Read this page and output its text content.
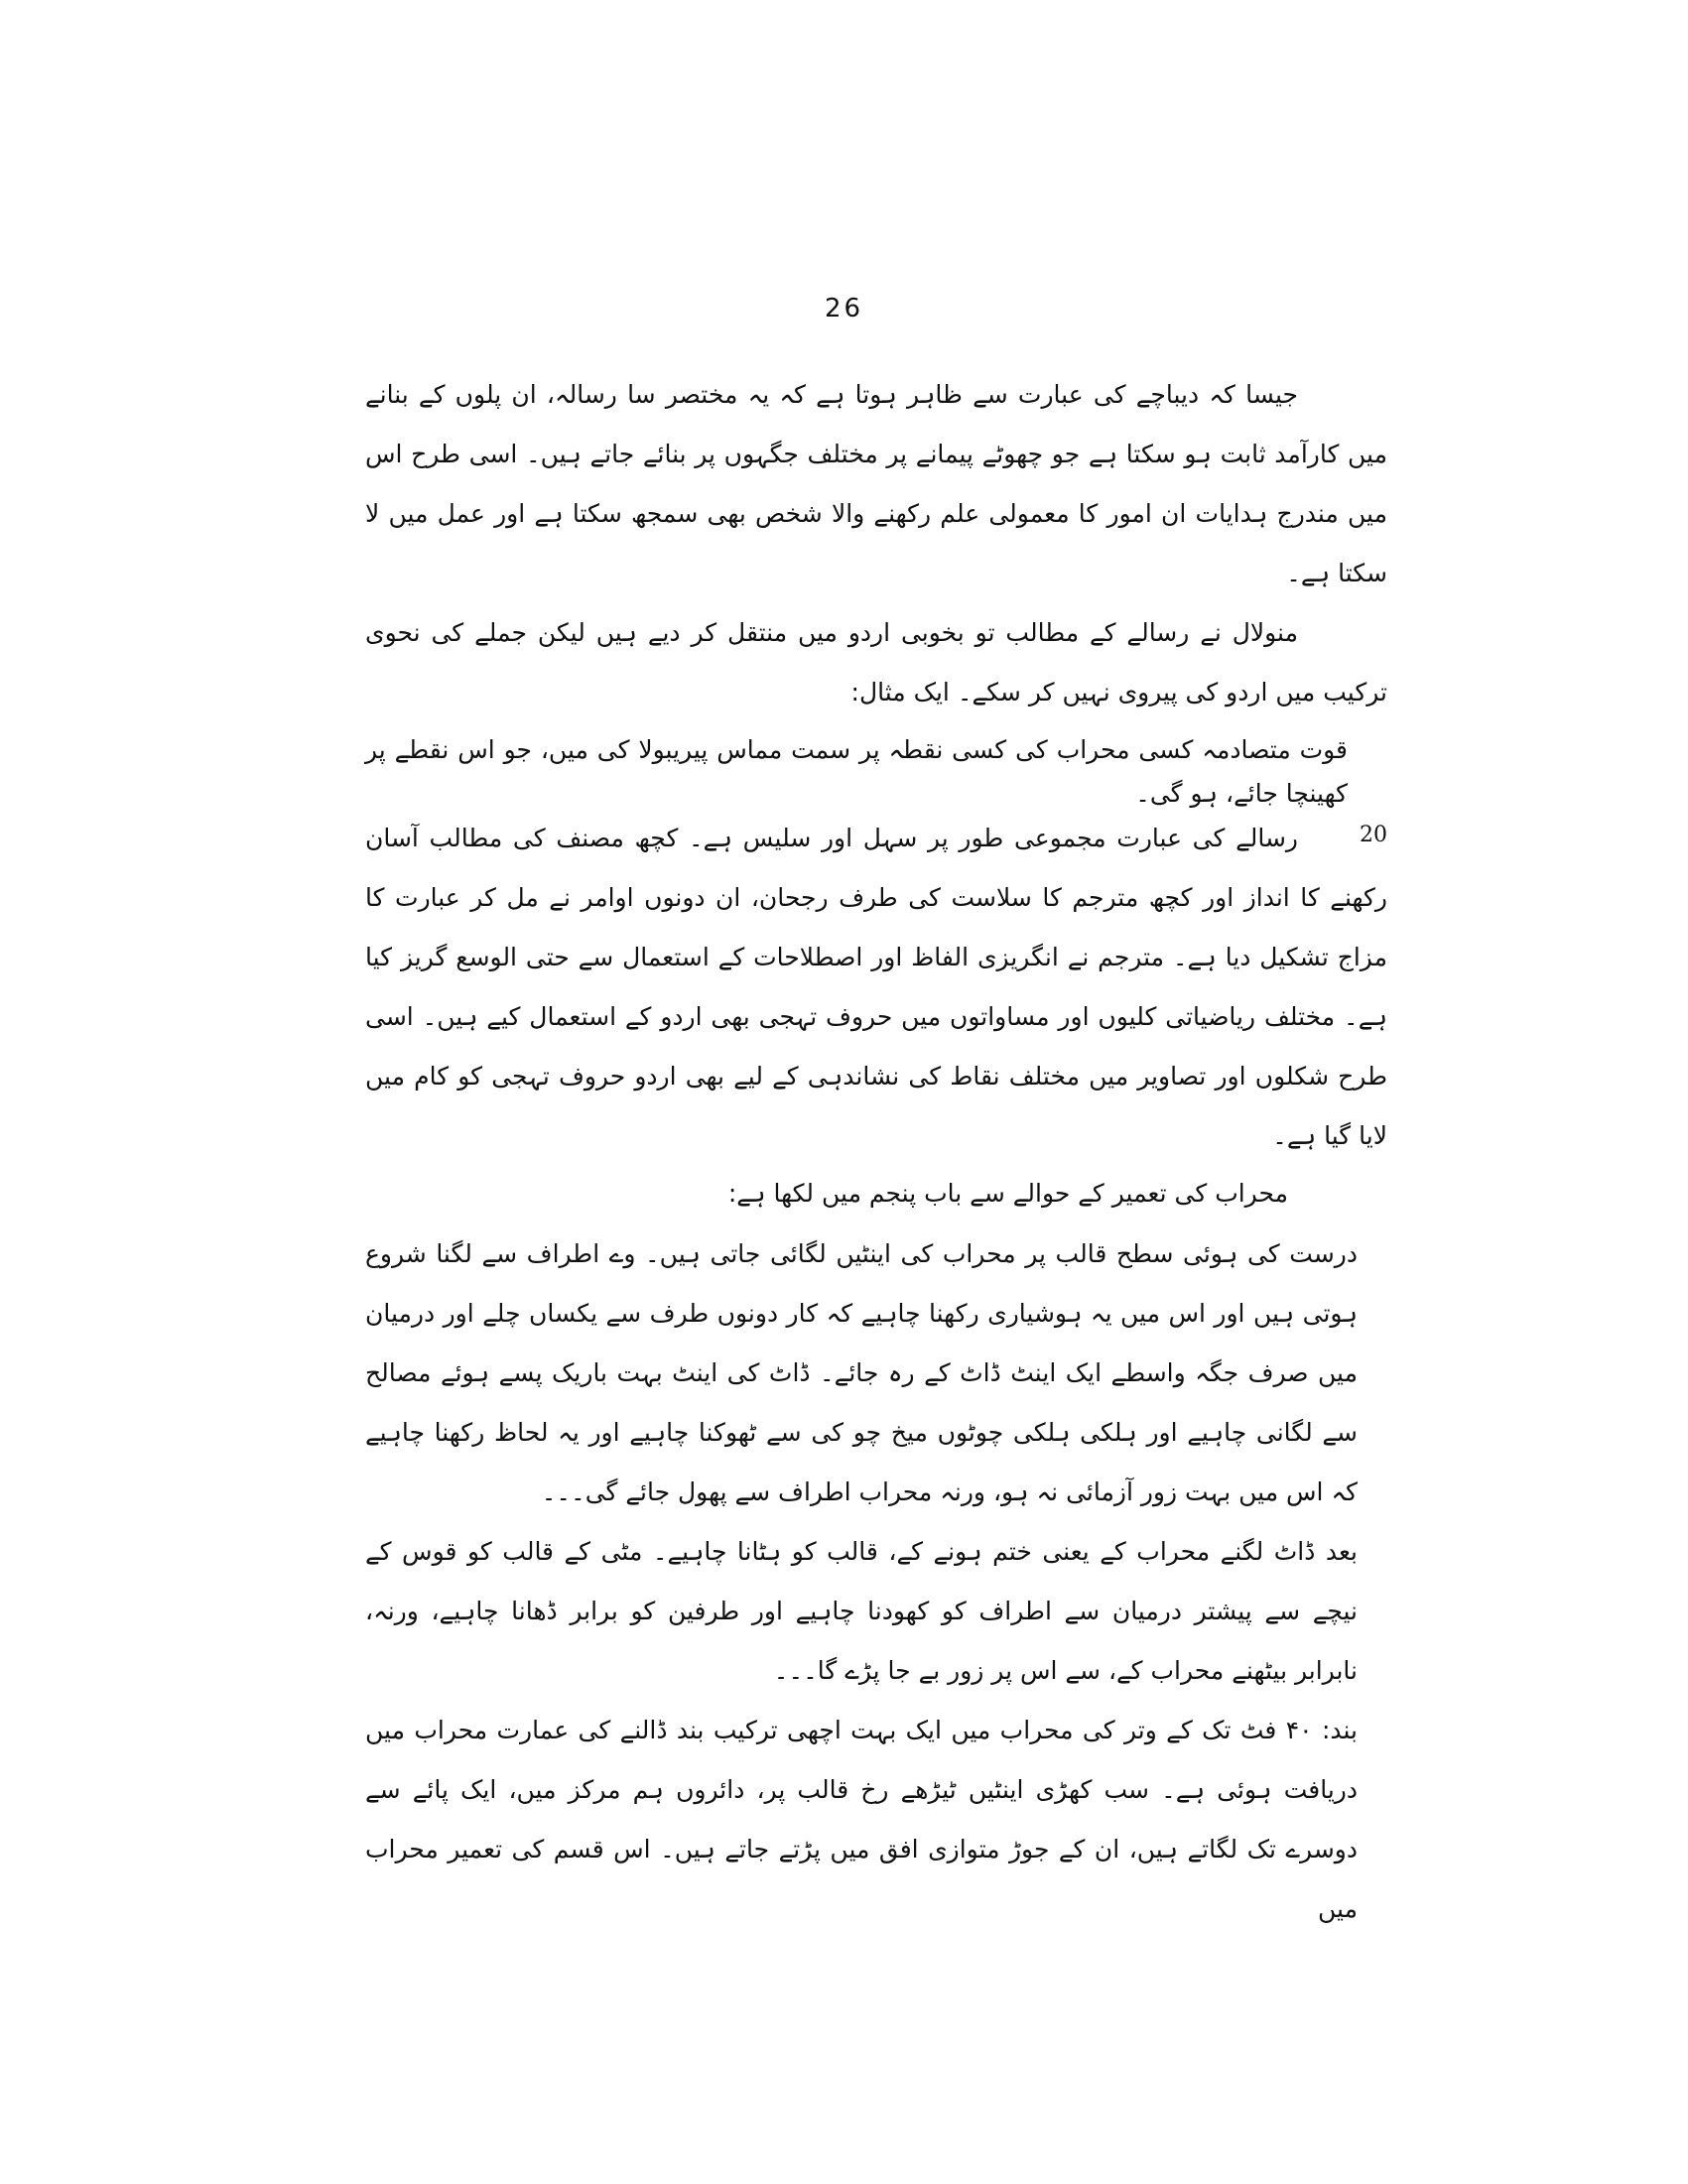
26

جیسا کہ دیباچے کی عبارت سے ظاہر ہوتا ہے کہ یہ مختصر سا رسالہ، ان پلوں کے بنانے میں کارآمد ثابت ہو سکتا ہے جو چھوٹے پیمانے پر مختلف جگہوں پر بنائے جاتے ہیں۔ اسی طرح اس میں مندرج ہدایات ان امور کا معمولی علم رکھنے والا شخص بھی سمجھ سکتا ہے اور عمل میں لا سکتا ہے۔

منولال نے رسالے کے مطالب تو بخوبی اردو میں منتقل کر دیے ہیں لیکن جملے کی نحوی ترکیب میں اردو کی پیروی نہیں کر سکے۔ ایک مثال:

قوت متصادمہ کسی محراب کی کسی نقطہ پر سمت مماس پیریبولا کی میں، جو اس نقطے پر کھینچا جائے، ہو گی۔

20

رسالے کی عبارت مجموعی طور پر سہل اور سلیس ہے۔ کچھ مصنف کی مطالب آسان رکھنے کا انداز اور کچھ مترجم کا سلاست کی طرف رجحان، ان دونوں اوامر نے مل کر عبارت کا مزاج تشکیل دیا ہے۔ مترجم نے انگریزی الفاظ اور اصطلاحات کے استعمال سے حتی الوسع گریز کیا ہے۔ مختلف ریاضیاتی کلیوں اور مساواتوں میں حروف تہجی بھی اردو کے استعمال کیے ہیں۔ اسی طرح شکلوں اور تصاویر میں مختلف نقاط کی نشاندہی کے لیے بھی اردو حروف تہجی کو کام میں لایا گیا ہے۔

محراب کی تعمیر کے حوالے سے باب پنجم میں لکھا ہے:

درست کی ہوئی سطح قالب پر محراب کی اینٹیں لگائی جاتی ہیں۔ وے اطراف سے لگنا شروع ہوتی ہیں اور اس میں یہ ہوشیاری رکھنا چاہیے کہ کار دونوں طرف سے یکساں چلے اور درمیان میں صرف جگہ واسطے ایک اینٹ ڈاٹ کے رہ جائے۔ ڈاٹ کی اینٹ بہت باریک پسے ہوئے مصالح سے لگانی چاہیے اور ہلکی ہلکی چوٹوں میخ چو کی سے ٹھوکنا چاہیے اور یہ لحاظ رکھنا چاہیے کہ اس میں بہت زور آزمائی نہ ہو، ورنہ محراب اطراف سے پھول جائے گی۔۔۔

بعد ڈاٹ لگنے محراب کے یعنی ختم ہونے کے، قالب کو ہٹانا چاہیے۔ مٹی کے قالب کو قوس کے نیچے سے پیشتر درمیان سے اطراف کو کھودنا چاہیے اور طرفین کو برابر ڈھانا چاہیے، ورنہ، نابرابر بیٹھنے محراب کے، سے اس پر زور بے جا پڑے گا۔۔۔

بند: ۴۰ فٹ تک کے وتر کی محراب میں ایک بہت اچھی ترکیب بند ڈالنے کی عمارت محراب میں دریافت ہوئی ہے۔ سب کھڑی اینٹیں ٹیڑھے رخ قالب پر، دائروں ہم مرکز میں، ایک پائے سے دوسرے تک لگاتے ہیں، ان کے جوڑ متوازی افق میں پڑتے جاتے ہیں۔ اس قسم کی تعمیر محراب میں
